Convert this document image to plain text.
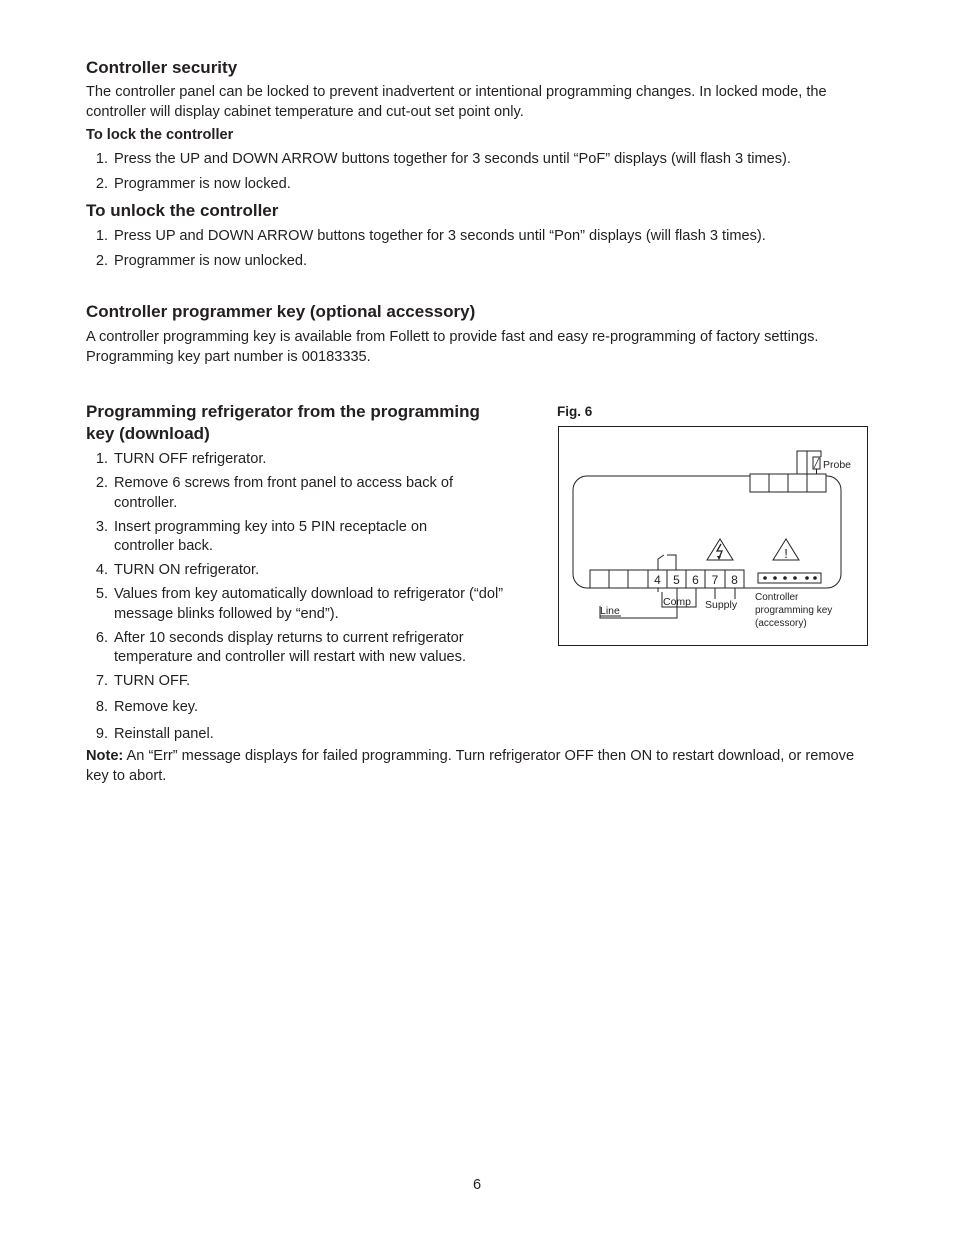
Controller security

The controller panel can be locked to prevent inadvertent or intentional programming changes. In locked mode, the controller will display cabinet temperature and cut-out set point only.

To lock the controller

1. Press the UP and DOWN ARROW buttons together for 3 seconds until “PoF” displays (will flash 3 times).
2. Programmer is now locked.
To unlock the controller
1. Press UP and DOWN ARROW buttons together for 3 seconds until “Pon” displays (will flash 3 times).
2. Programmer is now unlocked.
Controller programmer key (optional accessory)

A controller programming key is available from Follett to provide fast and easy re-programming of factory settings. Programming key part number is 00183335.

Programming refrigerator from the programming
key (download)
1. TURN OFF refrigerator.
2. Remove 6 screws from front panel to access back of controller.
3. Insert programming key into 5 PIN receptacle on controller back.
4. TURN ON refrigerator.
5. Values from key automatically download to refrigerator (“dol” message blinks followed by “end”).
6. After 10 seconds display returns to current refrigerator temperature and controller will restart with new values.
7. TURN OFF.
8. Remove key.
9. Reinstall panel.

Note: An “Err” message displays for failed programming. Turn refrigerator OFF then ON to restart download, or remove key to abort.

Fig. 6
Probe
4 5 6 7 8
Line
Comp Supply
!
Controller
programming key
(accessory)
6
